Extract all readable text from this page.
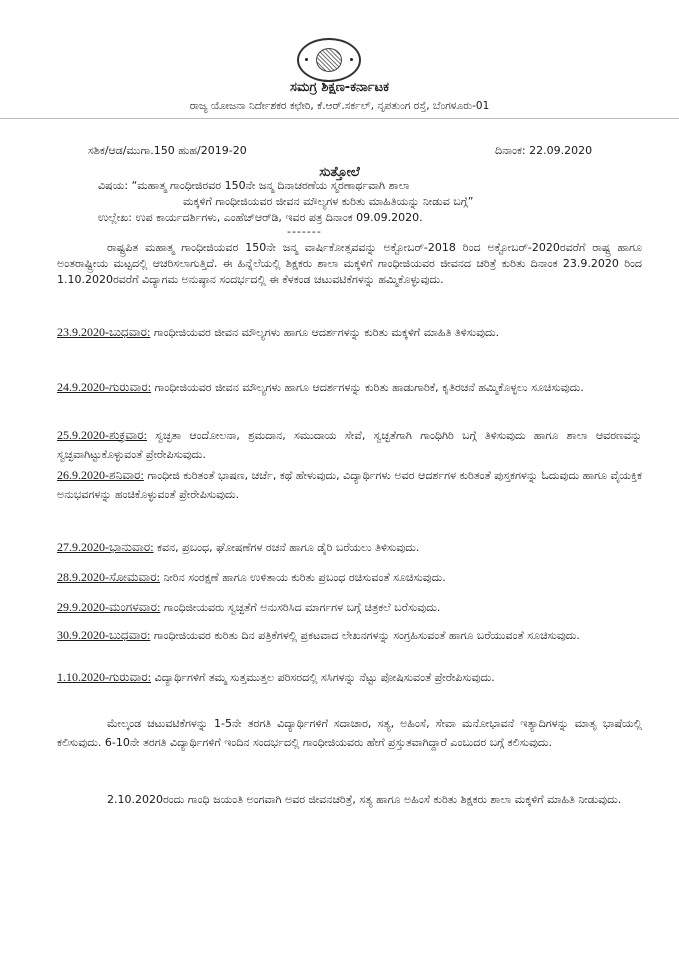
ಸಮಗ್ರ ಶಿಕ್ಷಣ-ಕರ್ನಾಟಕ
ರಾಜ್ಯ ಯೋಜನಾ ನಿರ್ದೇಶಕರ ಕಛೇರಿ, ಕೆ.ಆರ್.ಸರ್ಕಲ್, ನೃಪತುಂಗ ರಸ್ತೆ, ಬೆಂಗಳೂರು-01
ಸಶಿಕ/ಆಡ/ಮುಗಾ.150 ಹುಹ/2019-20	ದಿನಾಂಕ: 22.09.2020
ಸುತ್ತೋಲೆ
ವಿಷಯ: “ಮಹಾತ್ಮ ಗಾಂಧೀಜಿರವರ 150ನೇ ಜನ್ಮ ದಿನಾಚರಣೆಯ ಸ್ಮರಣಾರ್ಥವಾಗಿ ಶಾಲಾ
ಮಕ್ಕಳಿಗೆ ಗಾಂಧೀಜಿಯವರ ಜೀವನ ಮೌಲ್ಯಗಳ ಕುರಿತು ಮಾಹಿತಿಯನ್ನು ನೀಡುವ ಬಗ್ಗೆ”
ಉಲ್ಲೇಖ: ಉಪ ಕಾರ್ಯದರ್ಶಿಗಳು, ಎಂಹೆಚ್‌ಆರ್‌ಡಿ, ಇವರ ಪತ್ರ ದಿನಾಂಕ 09.09.2020.
-------

ರಾಷ್ಟ್ರಪಿತ ಮಹಾತ್ಮ ಗಾಂಧೀಜಿಯವರ 150ನೇ ಜನ್ಮ ವಾರ್ಷಿಕೋತ್ಸವವನ್ನು ಅಕ್ಟೋಬರ್-2018 ರಿಂದ ಅಕ್ಟೋಬರ್-2020ರವರೆಗೆ ರಾಷ್ಟ್ರ ಹಾಗೂ ಅಂತರಾಷ್ಟ್ರೀಯ ಮಟ್ಟದಲ್ಲಿ ಆಚರಿಸಲಾಗುತ್ತಿದೆ. ಈ ಹಿನ್ನೆಲೆಯಲ್ಲಿ ಶಿಕ್ಷಕರು ಶಾಲಾ ಮಕ್ಕಳಿಗೆ ಗಾಂಧೀಜಿಯವರ ಜೀವನದ ಚರಿತ್ರೆ ಕುರಿತು ದಿನಾಂಕ 23.9.2020 ರಿಂದ 1.10.2020ರವರೆಗೆ ವಿದ್ಯಾಗಮ ಅನುಷ್ಠಾನ ಸಂದರ್ಭದಲ್ಲಿ ಈ ಕೆಳಕಂಡ ಚಟುವಟಿಕೆಗಳನ್ನು ಹಮ್ಮಿಕೊಳ್ಳುವುದು.

23.9.2020-ಬುಧವಾರ: ಗಾಂಧೀಜಿಯವರ ಜೀವನ ಮೌಲ್ಯಗಳು ಹಾಗೂ ಆದರ್ಶಗಳನ್ನು ಕುರಿತು ಮಕ್ಕಳಿಗೆ ಮಾಹಿತಿ ತಿಳಿಸುವುದು.
24.9.2020-ಗುರುವಾರ: ಗಾಂಧೀಜಿಯವರ ಜೀವನ ಮೌಲ್ಯಗಳು ಹಾಗೂ ಆದರ್ಶಗಳನ್ನು ಕುರಿತು ಹಾಡುಗಾರಿಕೆ, ಕೃತಿರಚನೆ ಹಮ್ಮಿಕೊಳ್ಳಲು ಸೂಚಿಸುವುದು.
25.9.2020-ಶುಕ್ರವಾರ: ಸ್ವಚ್ಛತಾ ಆಂದೋಲನಾ, ಶ್ರಮದಾನ, ಸಮುದಾಯ ಸೇವೆ, ಸ್ವಚ್ಛತೆಗಾಗಿ ಗಾಂಧಿಗಿರಿ ಬಗ್ಗೆ ತಿಳಿಸುವುದು ಹಾಗೂ ಶಾಲಾ ಆವರಣವನ್ನು ಸ್ವಚ್ಛವಾಗಿಟ್ಟುಕೊಳ್ಳುವಂತೆ ಪ್ರೇರೇಪಿಸುವುದು.
26.9.2020-ಶನಿವಾರ: ಗಾಂಧೀಜಿ ಕುರಿತಂತೆ ಭಾಷಣ, ಚರ್ಚೆ, ಕಥೆ ಹೇಳುವುದು, ವಿದ್ಯಾರ್ಥಿಗಳು ಅವರ ಆದರ್ಶಗಳ ಕುರಿತಂತೆ ಪುಸ್ತಕಗಳನ್ನು ಓದುವುದು ಹಾಗೂ ವೈಯಕ್ತಿಕ ಅನುಭವಗಳನ್ನು ಹಂಚಿಕೊಳ್ಳುವಂತೆ ಪ್ರೇರೇಪಿಸುವುದು.
27.9.2020-ಭಾನುವಾರ: ಕವನ, ಪ್ರಬಂಧ, ಘೋಷಣೆಗಳ ರಚನೆ ಹಾಗೂ ಡೈರಿ ಬರೆಯಲು ತಿಳಿಸುವುದು.
28.9.2020-ಸೋಮವಾರ: ನೀರಿನ ಸಂರಕ್ಷಣೆ ಹಾಗೂ ಉಳಿತಾಯ ಕುರಿತು ಪ್ರಬಂಧ ರಚಿಸುವಂತೆ ಸೂಚಿಸುವುದು.
29.9.2020-ಮಂಗಳವಾರ: ಗಾಂಧಿಜೀಯವರು ಸ್ವಚ್ಛತೆಗೆ ಅನುಸರಿಸಿದ ಮಾರ್ಗಗಳ ಬಗ್ಗೆ ಚಿತ್ರಕಲೆ ಬರೆಸುವುದು.
30.9.2020-ಬುಧವಾರ: ಗಾಂಧೀಜಿಯವರ ಕುರಿತು ದಿನ ಪತ್ರಿಕೆಗಳಲ್ಲಿ ಪ್ರಕಟವಾದ ಲೇಖನಗಳನ್ನು ಸಂಗ್ರಹಿಸುವಂತೆ ಹಾಗೂ ಬರೆಯುವಂತೆ ಸೂಚಿಸುವುದು.
1.10.2020-ಗುರುವಾರ: ವಿದ್ಯಾರ್ಥಿಗಳಿಗೆ ತಮ್ಮ ಸುತ್ತಮುತ್ತಲ ಪರಿಸರದಲ್ಲಿ ಸಸಿಗಳನ್ನು ನೆಟ್ಟು ಪೋಷಿಸುವಂತೆ ಪ್ರೇರೇಪಿಸುವುದು.

ಮೇಲ್ಕಂಡ ಚಟುವಟಿಕೆಗಳನ್ನು 1-5ನೇ ತರಗತಿ ವಿದ್ಯಾರ್ಥಿಗಳಿಗೆ ಸದಾಚಾರ, ಸತ್ಯ, ಅಹಿಂಸೆ, ಸೇವಾ ಮನೋಭಾವನೆ ಇತ್ಯಾದಿಗಳನ್ನು ಮಾತೃ ಭಾಷೆಯಲ್ಲಿ ಕಲಿಸುವುದು. 6-10ನೇ ತರಗತಿ ವಿದ್ಯಾರ್ಥಿಗಳಿಗೆ ಇಂದಿನ ಸಂದರ್ಭದಲ್ಲಿ ಗಾಂಧೀಜಿಯವರು ಹೇಗೆ ಪ್ರಸ್ತುತವಾಗಿದ್ದಾರೆ ಎಂಬುದರ ಬಗ್ಗೆ ಕಲಿಸುವುದು.

2.10.2020ರಂದು ಗಾಂಧಿ ಜಯಂತಿ ಅಂಗವಾಗಿ ಅವರ ಜೀವನಚರಿತ್ರೆ, ಸತ್ಯ ಹಾಗೂ ಅಹಿಂಸೆ ಕುರಿತು ಶಿಕ್ಷಕರು ಶಾಲಾ ಮಕ್ಕಳಿಗೆ ಮಾಹಿತಿ ನೀಡುವುದು.
